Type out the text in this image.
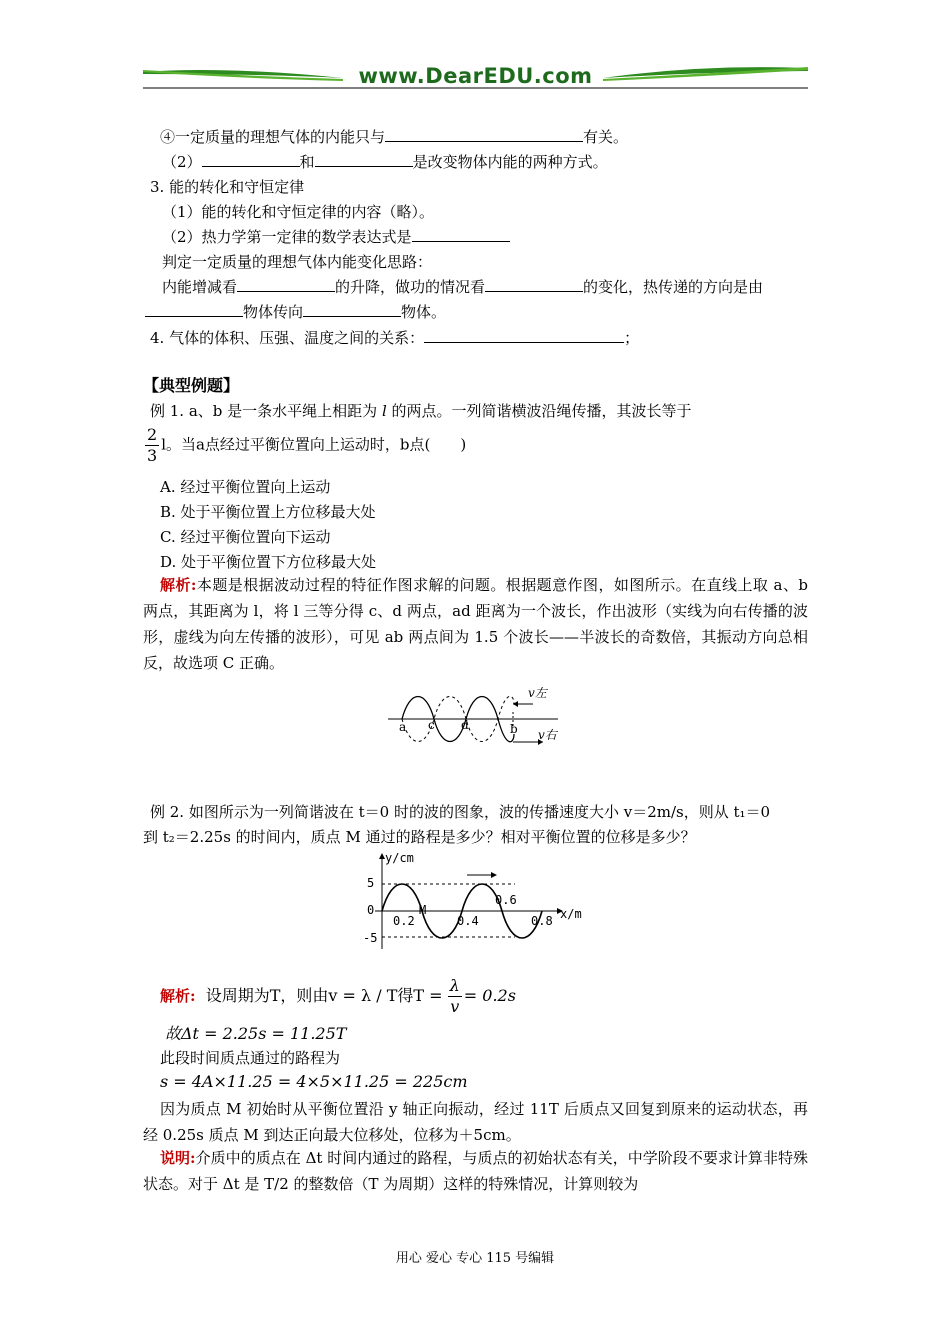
www.DearEDU.com
④一定质量的理想气体的内能只与	有关。
（2）	和	是改变物体内能的两种方式。
3. 能的转化和守恒定律
（1）能的转化和守恒定律的内容（略）。
（2）热力学第一定律的数学表达式是
判定一定质量的理想气体内能变化思路：
内能增减看	的升降，做功的情况看	的变化，热传递的方向是由
物体传向	物体。
4. 气体的体积、压强、温度之间的关系：	；
【典型例题】
例 1. a、b 是一条水平绳上相距为 l 的两点。一列简谐横波沿绳传播，其波长等于
$\frac{2}{3}$ l。当a点经过平衡位置向上运动时，b点(　　)
A. 经过平衡位置向上运动
B. 处于平衡位置上方位移最大处
C. 经过平衡位置向下运动
D. 处于平衡位置下方位移最大处
解析:本题是根据波动过程的特征作图求解的问题。根据题意作图，如图所示。在直线上取 a、b 两点，其距离为 l，将 l 三等分得 c、d 两点，ad 距离为一个波长，作出波形（实线为向右传播的波形，虚线为向左传播的波形），可见 ab 两点间为 1.5 个波长——半波长的奇数倍，其振动方向总相反，故选项 C 正确。
a c d	b
v左
v右
例 2. 如图所示为一列简谐波在 t＝0 时的波的图象，波的传播速度大小 v＝2m/s，则从 t₁＝0
到 t₂＝2.25s 的时间内，质点 M 通过的路程是多少？相对平衡位置的位移是多少？
y/cm
x/m
5
0
-5
M
0.2	0.4
0.6
0.8
解析: 设周期为T，则由v = λ / T得$T = \frac{\lambda}{v} = 0.2s$
故Δt = 2.25s = 11.25T
此段时间质点通过的路程为
s = 4A×11.25 = 4×5×11.25 = 225cm
因为质点 M 初始时从平衡位置沿 y 轴正向振动，经过 11T 后质点又回复到原来的运动状态，再经 0.25s 质点 M 到达正向最大位移处，位移为＋5cm。
说明:介质中的质点在 Δt 时间内通过的路程，与质点的初始状态有关，中学阶段不要求计算非特殊状态。对于 Δt 是 T/2 的整数倍（T 为周期）这样的特殊情况，计算则较为
用心 爱心 专心 115 号编辑
